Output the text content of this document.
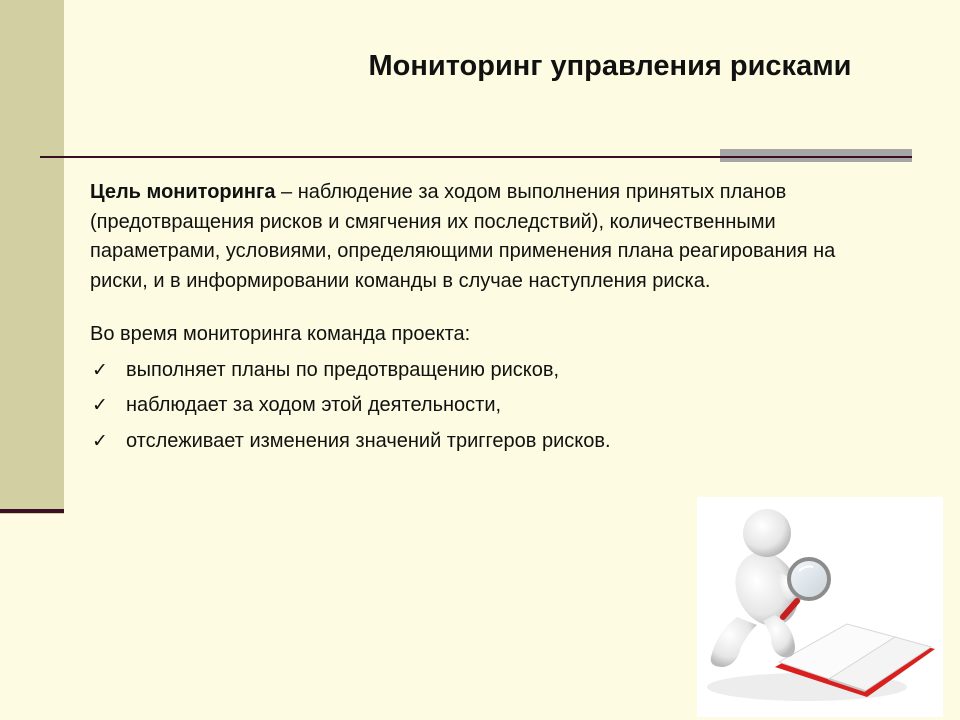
Мониторинг управления рисками

Цель мониторинга – наблюдение за ходом выполнения принятых планов (предотвращения рисков и смягчения их последствий), количественными параметрами, условиями, определяющими применения плана реагирования на риски, и в информировании команды в случае наступления риска.

Во время мониторинга команда проекта:

✓ выполняет планы по предотвращению рисков,
✓ наблюдает за ходом этой деятельности,
✓ отслеживает изменения значений триггеров рисков.
